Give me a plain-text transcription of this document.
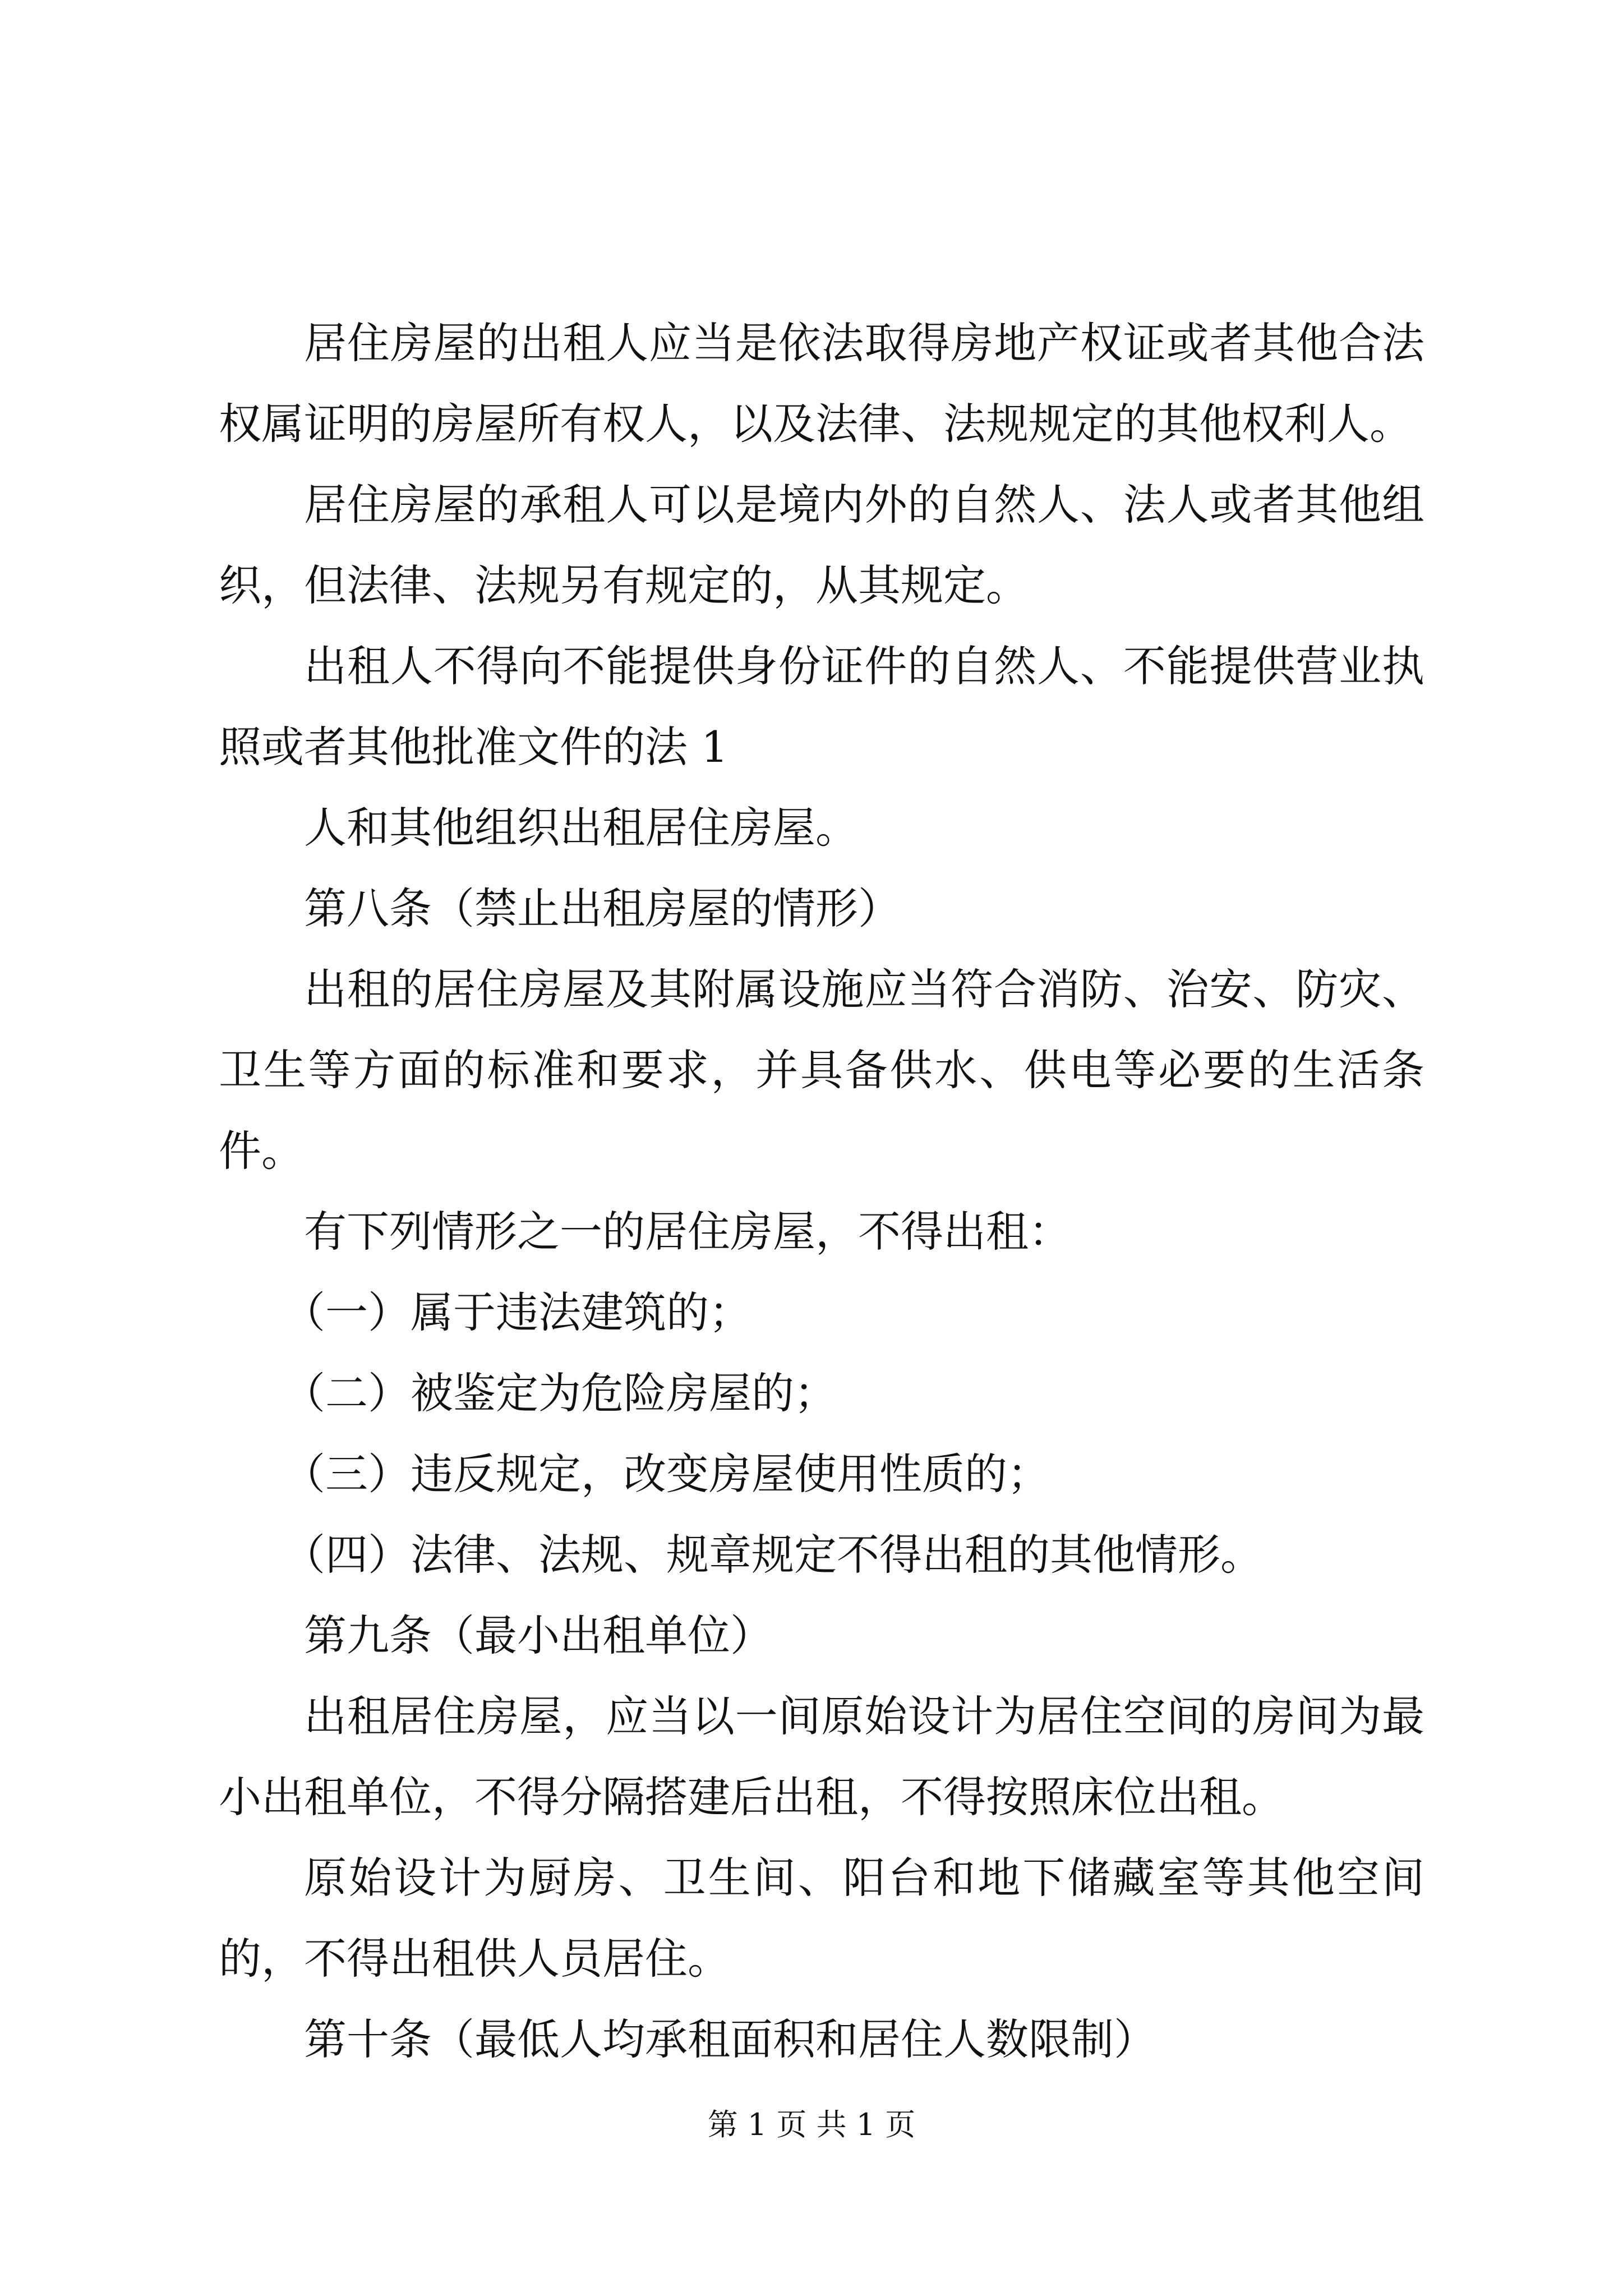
居住房屋的出租人应当是依法取得房地产权证或者其他合法权属证明的房屋所有权人，以及法律、法规规定的其他权利人。

居住房屋的承租人可以是境内外的自然人、法人或者其他组织，但法律、法规另有规定的，从其规定。

出租人不得向不能提供身份证件的自然人、不能提供营业执照或者其他批准文件的法 1

人和其他组织出租居住房屋。

第八条（禁止出租房屋的情形）

出租的居住房屋及其附属设施应当符合消防、治安、防灾、卫生等方面的标准和要求，并具备供水、供电等必要的生活条件。

有下列情形之一的居住房屋，不得出租：

（一）属于违法建筑的；

（二）被鉴定为危险房屋的；

（三）违反规定，改变房屋使用性质的；

（四）法律、法规、规章规定不得出租的其他情形。

第九条（最小出租单位）

出租居住房屋，应当以一间原始设计为居住空间的房间为最小出租单位，不得分隔搭建后出租，不得按照床位出租。

原始设计为厨房、卫生间、阳台和地下储藏室等其他空间的，不得出租供人员居住。

第十条（最低人均承租面积和居住人数限制）

第 1 页 共 1 页
